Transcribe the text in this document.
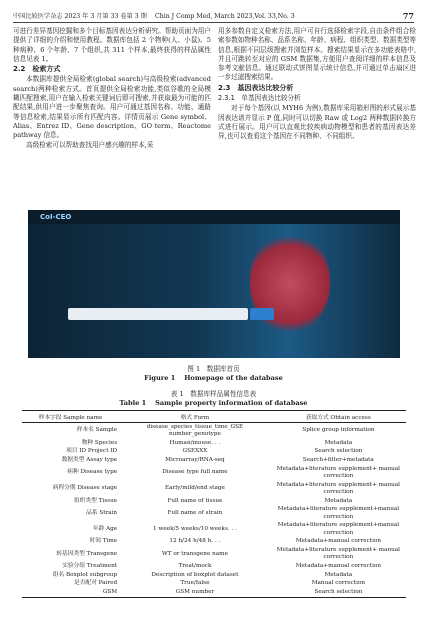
中国比较医学杂志 2023 年 3 月第 33 卷第 3 期　 Chin J Comp Med, March 2023,Vol. 33,No. 3	77

可进行差异基因挖掘和多个目标基因表达分析研究。帮助页面为用户提供了详细的介绍和使用教程。数据库包括 2 个物种(人、小鼠)、5 种病种、6 个年龄、7 个组织,共 311 个样本,最终获得的样品属性信息见表 1。

2.2　检索方式

本数据库提供全局检索(global search)与高级检索(advanced search)两种检索方式。首页提供全局检索功能,类似谷歌的全局模糊匹配搜索,用户在输入检索关键词后即可搜索,并获取最为可能的匹配结果,供用户进一步聚焦查询。用户可通过基因名称、功能、通路等信息检索,结果显示所有匹配内容。详情页展示 Gene symbol、Alias、Entrez ID、Gene description、GO term、Reactome pathway 信息。

高级检索可以帮助查找用户感兴趣的样本,采

用多参数自定义检索方法,用户可自行选择检索字段,自由条件组合检索参数如物种名称、品系名称、年龄、病程、组织类型、数据类型等信息,根据不同层级搜索并浏览样本。搜索结果显示在多功能表格中,并且可跳转至对应的 GSM 数据集,方便用户查阅详细的样本信息及参考文献信息。通过联动式饼图显示统计信息,并可通过单击扇区进一步过滤搜索结果。

2.3　基因表达比较分析

2.3.1　单基因表达比较分析

对于每个基因(以 MYH6 为例),数据库采用箱形图的形式展示基因表达谱并显示 P 值,同时可以切换 Raw 或 Log2 两种数据转换方式进行展示。用户可以直观比较疾病动物模型和患者的基因表达差异,也可以查看这个基因在不同物种、不同组织、

CoI-CEO
图 1　数据库首页
Figure 1　 Homepage of the database
表 1　数据库样品属性信息表
Table 1　 Sample property information of database
样本字段 Sample name	格式 Form	获取方式 Obtain access
样本名 Sample	disease_species_tissue_time_GSE number_genotype	Splice group information
物种 Species	Human/mouse. . .	Metadata
项目 ID Project ID	GSEXXX	Search selection
数据类型 Assay type	Microarray/RNA-seq	Search+filter+metadata
病种 Disease type	Disease type full name	Metadata+literature supplement+ manual correction
病程分期 Disease stage	Early/mild/end stage	Metadata+literature supplement+ manual correction
组织类型 Tissue	Full name of tissue	Metadata
品系 Strain	Full name of strain	Metadata+literature supplement+manual correction
年龄 Age	1 week/5 weeks/10 weeks. . .	Metadata+literature supplement+manual correction
时间 Time	12 h/24 h/48 h. . .	Metadata+manual correction
转基因类型 Transgene	WT or transgene name	Metadata+literature supplement+ manual correction
实验分组 Treatment	Treat/mock	Metadata+manual correction
组名 Boxplot subgroup	Description of boxplot dataset	Metadata
是否配对 Paired	True/false	Manual correction
GSM	GSM number	Search selection
